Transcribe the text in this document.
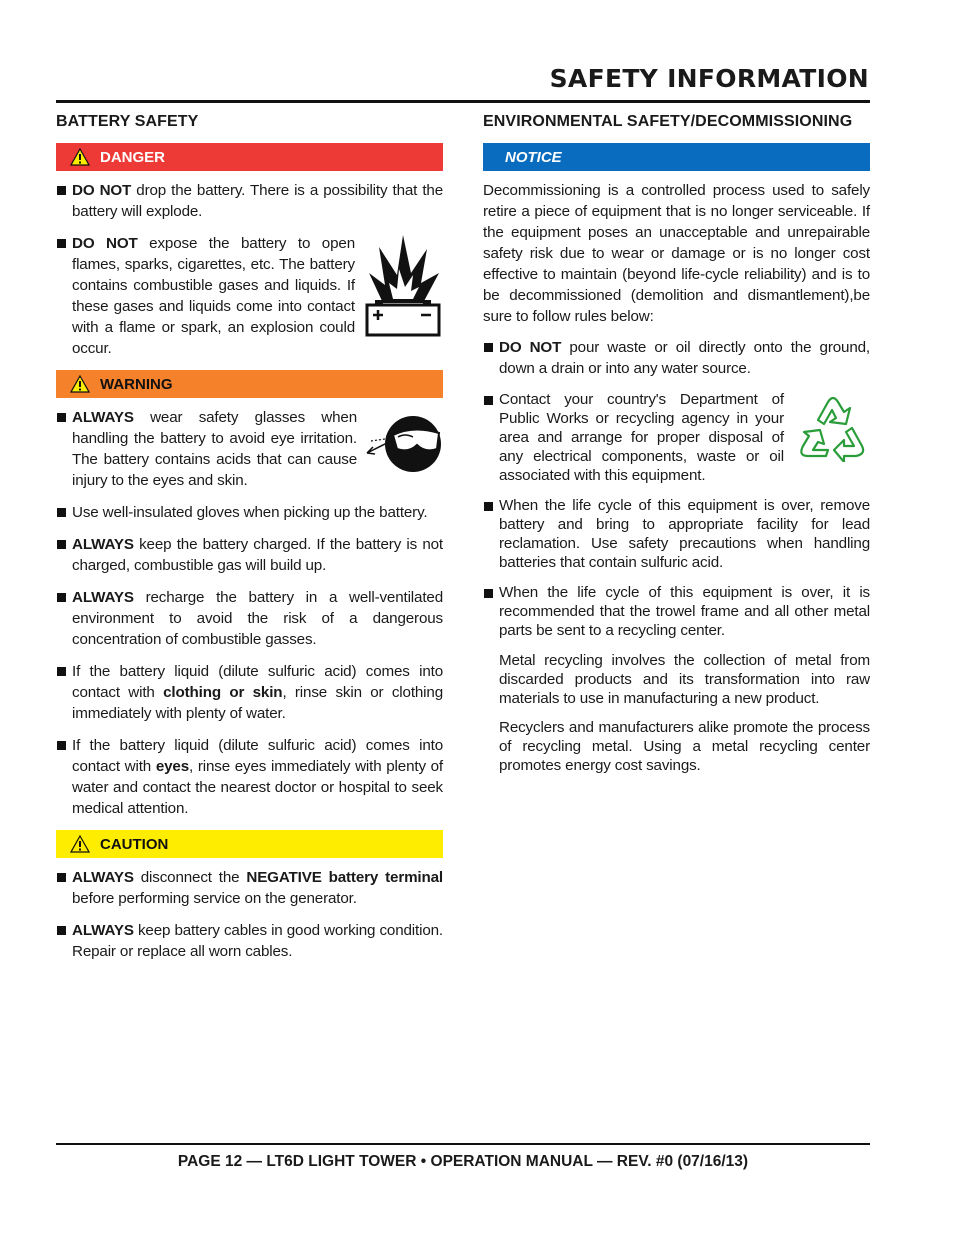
SAFETY INFORMATION
BATTERY SAFETY
DANGER
DO NOT drop the battery. There is a possibility that the battery will explode.
DO NOT expose the battery to open flames, sparks, cigarettes, etc. The battery contains combustible gases and liquids. If these gases and liquids come into contact with a flame or spark, an explosion could occur.
WARNING
ALWAYS wear safety glasses when handling the battery to avoid eye irritation. The battery contains acids that can cause injury to the eyes and skin.
Use well-insulated gloves when picking up the battery.
ALWAYS keep the battery charged. If the battery is not charged, combustible gas will build up.
ALWAYS recharge the battery in a well-ventilated environment to avoid the risk of a dangerous concentration of combustible gasses.
If the battery liquid (dilute sulfuric acid) comes into contact with clothing or skin, rinse skin or clothing immediately with plenty of water.
If the battery liquid (dilute sulfuric acid) comes into contact with eyes, rinse eyes immediately with plenty of water and contact the nearest doctor or hospital to seek medical attention.
CAUTION
ALWAYS disconnect the NEGATIVE battery terminal before performing service on the generator.
ALWAYS keep battery cables in good working condition. Repair or replace all worn cables.
ENVIRONMENTAL SAFETY/DECOMMISSIONING
NOTICE
Decommissioning is a controlled process used to safely retire a piece of equipment that is no longer serviceable. If the equipment poses an unacceptable and unrepairable safety risk due to wear or damage or is no longer cost effective to maintain (beyond life-cycle reliability) and is to be decommissioned (demolition and dismantlement),be sure to follow rules below:
DO NOT pour waste or oil directly onto the ground, down a drain or into any water source.
Contact your country's Department of Public Works or recycling agency in your area and arrange for proper disposal of any electrical components, waste or oil associated with this equipment.
When the life cycle of this equipment is over, remove battery and bring to appropriate facility for lead reclamation. Use safety precautions when handling batteries that contain sulfuric acid.
When the life cycle of this equipment is over, it is recommended that the trowel frame and all other metal parts be sent to a recycling center.
Metal recycling involves the collection of metal from discarded products and its transformation into raw materials to use in manufacturing a new product.
Recyclers and manufacturers alike promote the process of recycling metal. Using a metal recycling center promotes energy cost savings.
PAGE 12 — LT6D LIGHT TOWER • OPERATION MANUAL — REV. #0 (07/16/13)
